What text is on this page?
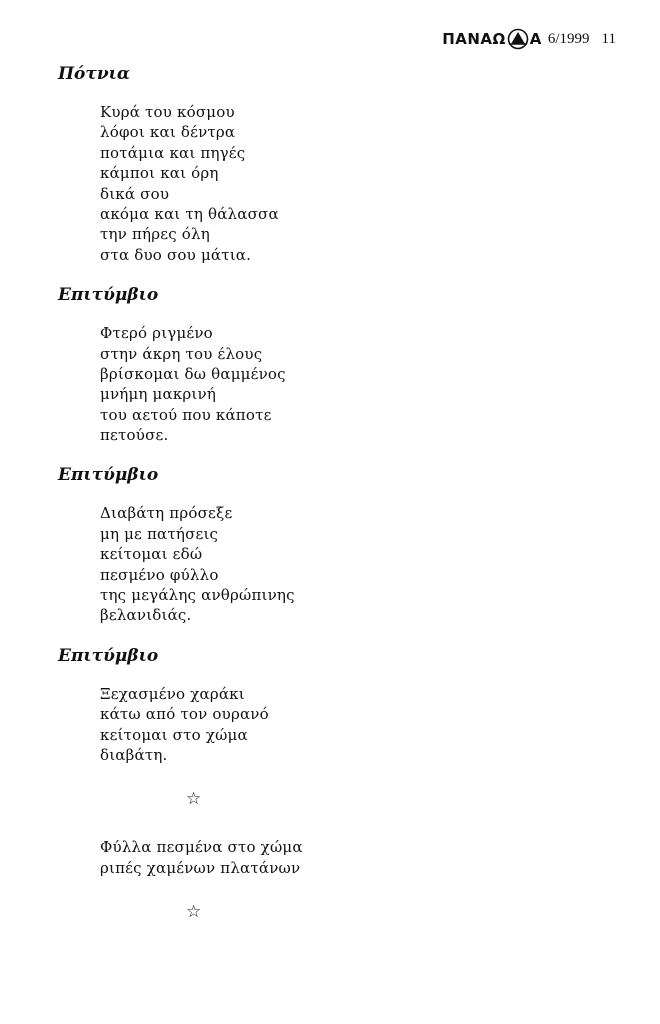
ΠΑΝΑΩ Α 6/1999 11
Πότνια
Κυρά του κόσμου
λόφοι και δέντρα
ποτάμια και πηγές
κάμποι και όρη
δικά σου
ακόμα και τη θάλασσα
την πήρες όλη
στα δυο σου μάτια.
Επιτύμβιο
Φτερό ριγμένο
στην άκρη του έλους
βρίσκομαι δω θαμμένος
μνήμη μακρινή
του αετού που κάποτε
πετούσε.
Επιτύμβιο
Διαβάτη πρόσεξε
μη με πατήσεις
κείτομαι εδώ
πεσμένο φύλλο
της μεγάλης ανθρώπινης
βελανιδιάς.
Επιτύμβιο
Ξεχασμένο χαράκι
κάτω από τον ουρανό
κείτομαι στο χώμα
διαβάτη.
☆
Φύλλα πεσμένα στο χώμα
ριπές χαμένων πλατάνων
☆
